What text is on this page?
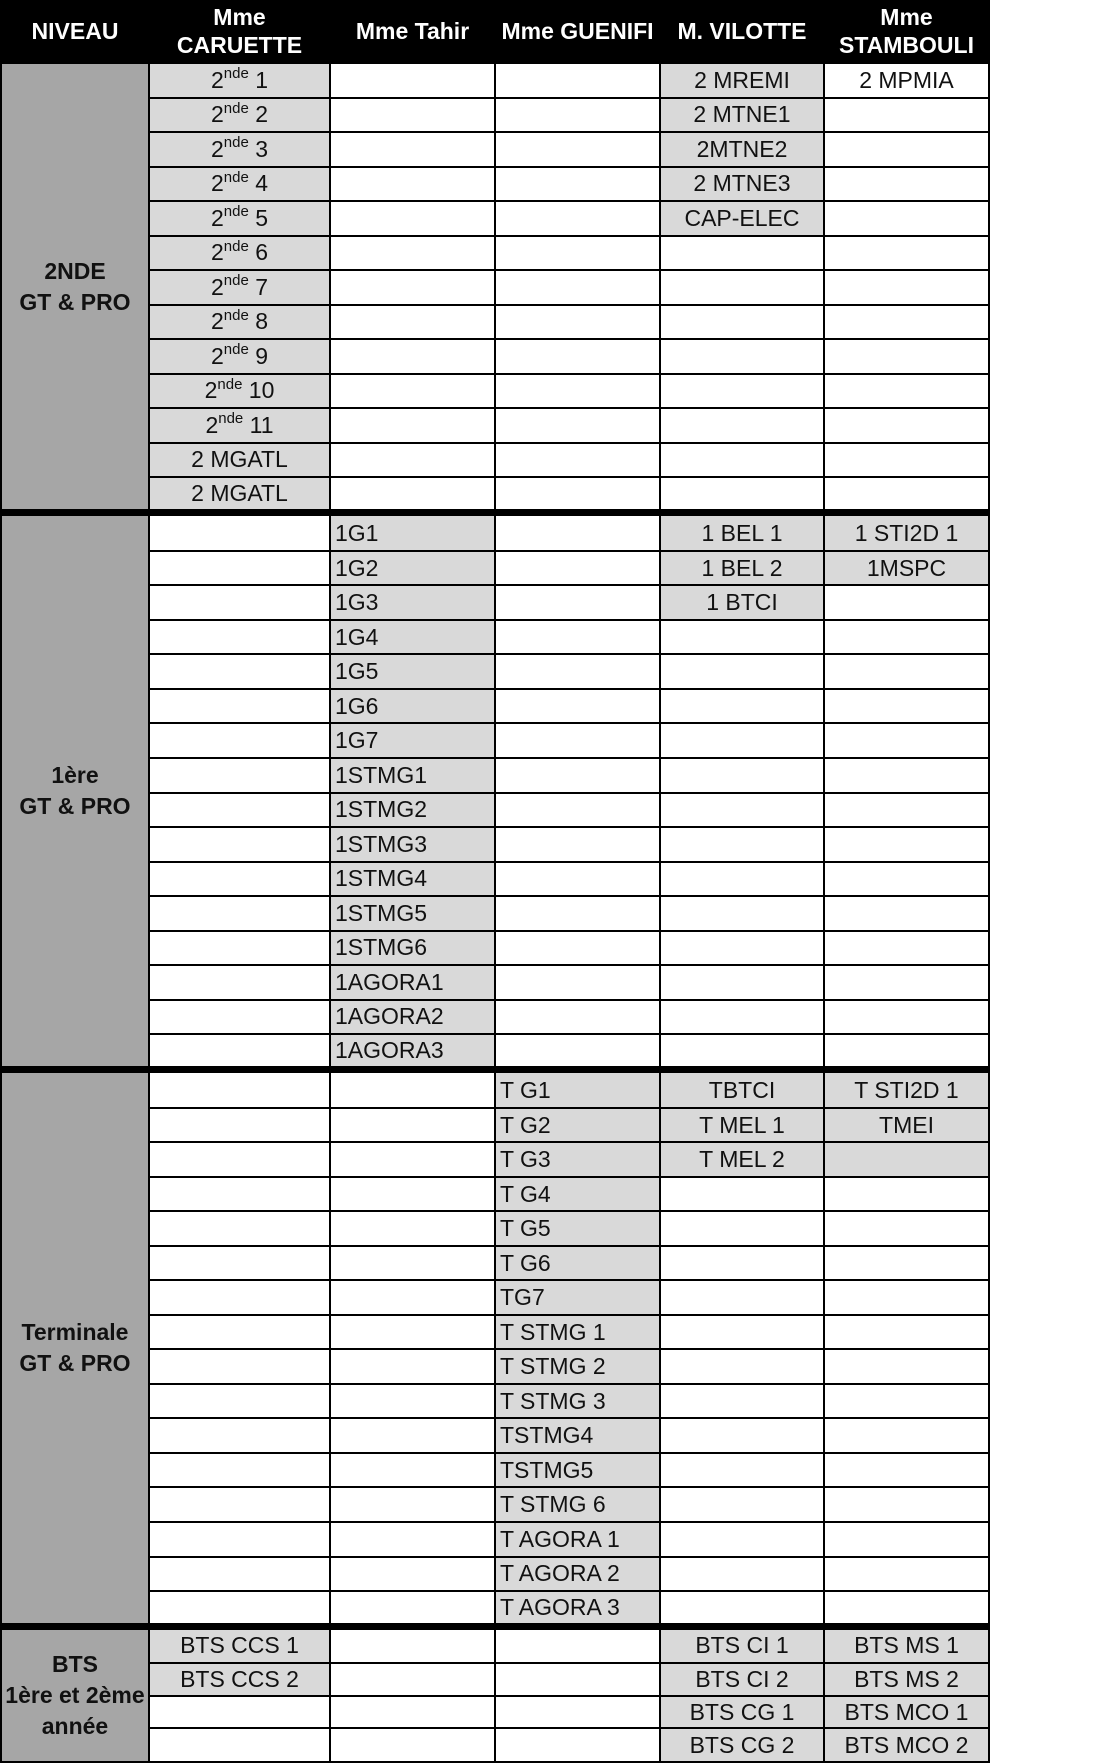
NIVEAU	Mme CARUETTE	Mme Tahir	Mme GUENIFI	M. VILOTTE	Mme STAMBOULI
2NDE
GT & PRO	2nde 1			2 MREMI	2 MPMIA
	2nde 2			2 MTNE1	
	2nde 3			2MTNE2	
	2nde 4			2 MTNE3	
	2nde 5			CAP-ELEC	
	2nde 6				
	2nde 7				
	2nde 8				
	2nde 9				
	2nde 10				
	2nde 11				
	2 MGATL				
	2 MGATL				
1ère
GT & PRO		1G1		1 BEL 1	1 STI2D 1
		1G2		1 BEL 2	1MSPC
		1G3		1 BTCI	
		1G4			
		1G5			
		1G6			
		1G7			
		1STMG1			
		1STMG2			
		1STMG3			
		1STMG4			
		1STMG5			
		1STMG6			
		1AGORA1			
		1AGORA2			
		1AGORA3			
Terminale
GT & PRO			T G1	TBTCI	T STI2D 1
			T G2	T MEL 1	TMEI
			T G3	T MEL 2	
			T G4		
			T G5		
			T G6		
			TG7		
			T STMG 1		
			T STMG 2		
			T STMG 3		
			TSTMG4		
			TSTMG5		
			T STMG 6		
			T AGORA 1		
			T AGORA 2		
			T AGORA 3		
BTS
1ère et 2ème
année	BTS CCS 1			BTS CI 1	BTS MS 1
	BTS CCS 2			BTS CI 2	BTS MS 2
				BTS CG 1	BTS MCO 1
				BTS CG 2	BTS MCO 2
